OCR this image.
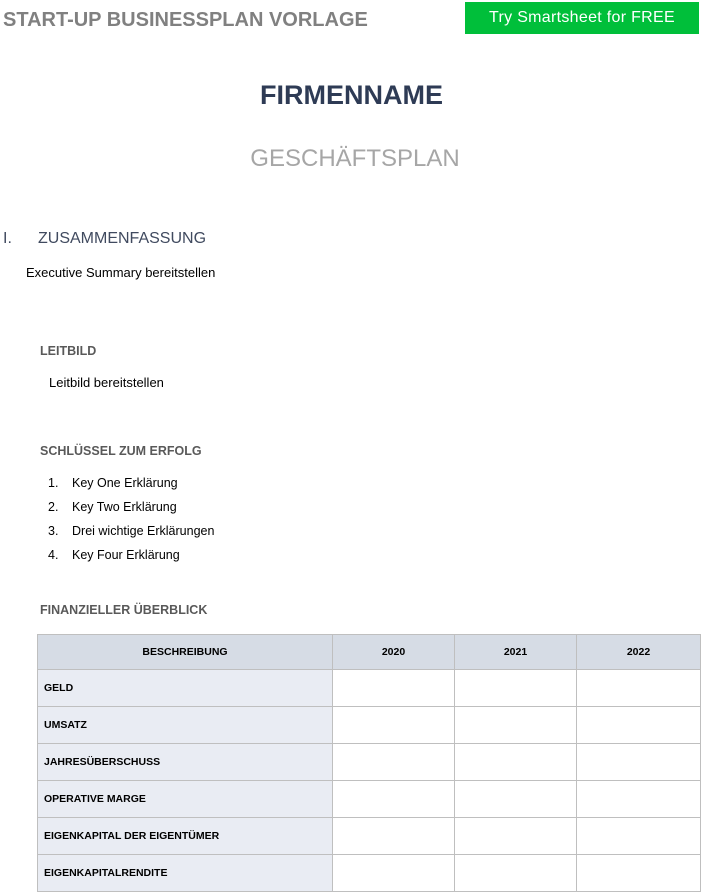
START-UP BUSINESSPLAN VORLAGE	Try Smartsheet for FREE
FIRMENNAME
GESCHÄFTSPLAN
I. ZUSAMMENFASSUNG
Executive Summary bereitstellen
LEITBILD
Leitbild bereitstellen
SCHLÜSSEL ZUM ERFOLG
1. Key One Erklärung
2. Key Two Erklärung
3. Drei wichtige Erklärungen
4. Key Four Erklärung
FINANZIELLER ÜBERBLICK
BESCHREIBUNG	2020	2021	2022
GELD			
UMSATZ			
JAHRESÜBERSCHUSS			
OPERATIVE MARGE			
EIGENKAPITAL DER EIGENTÜMER			
EIGENKAPITALRENDITE			
